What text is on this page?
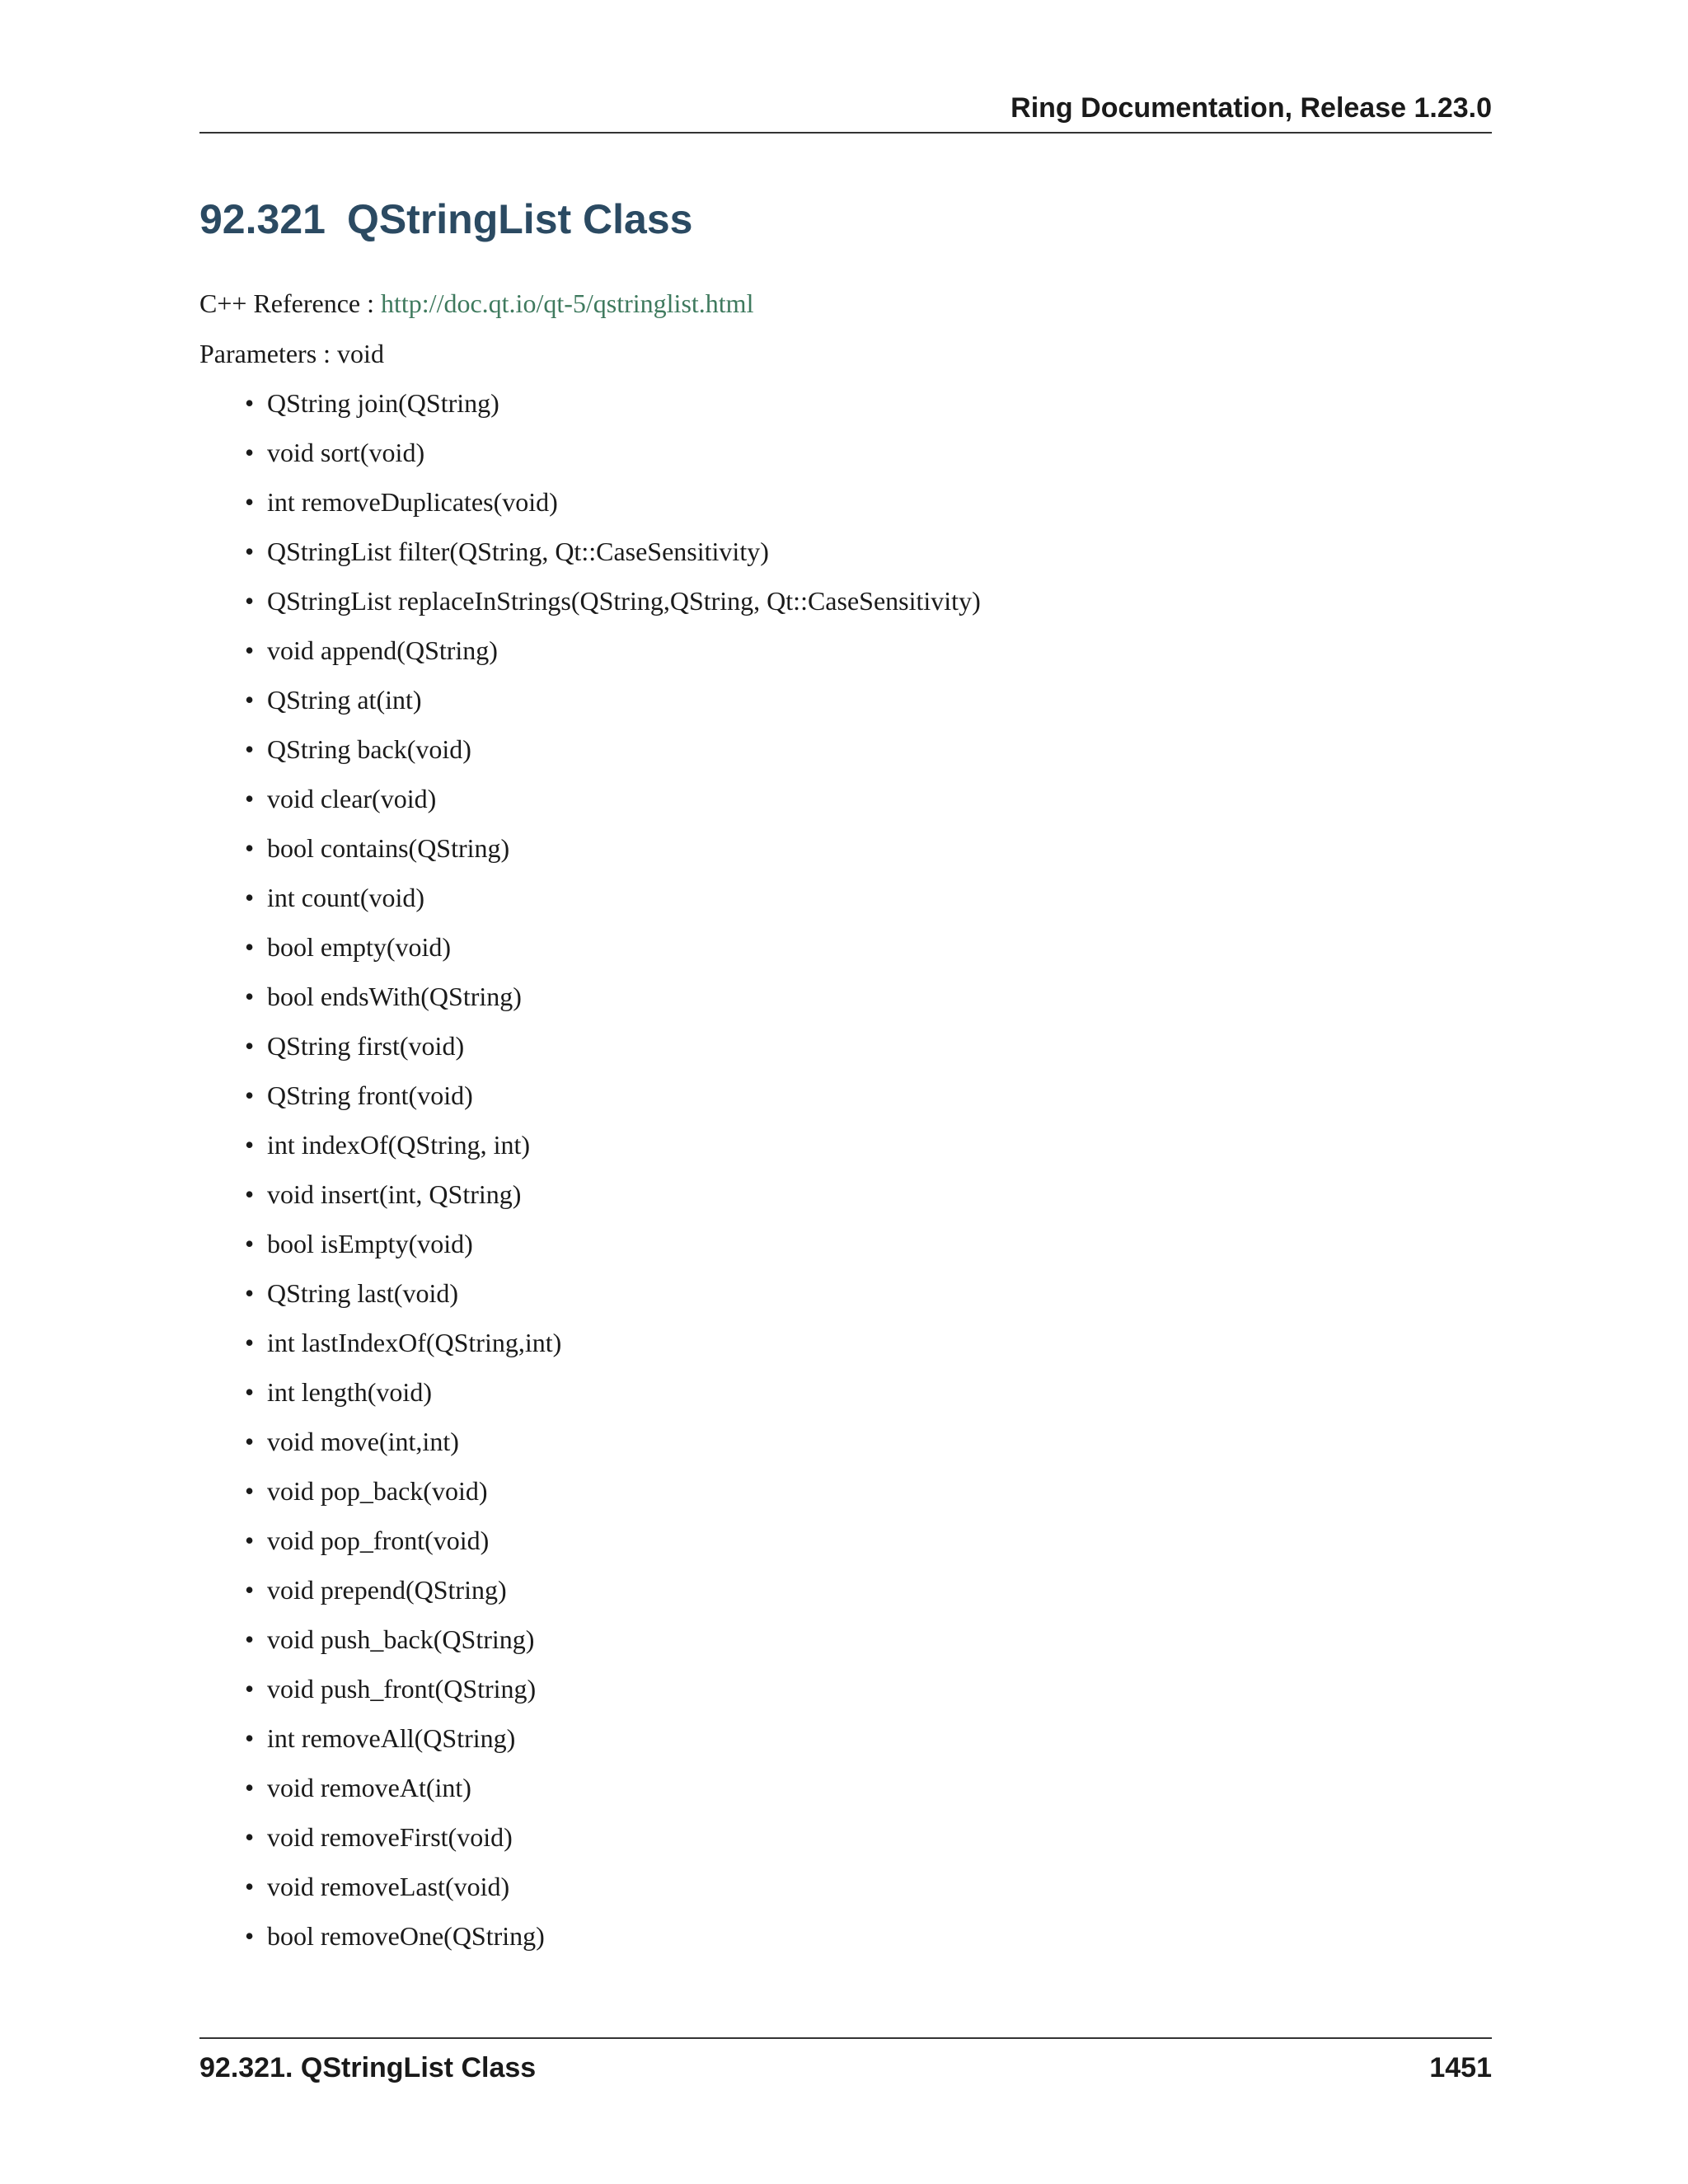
Ring Documentation, Release 1.23.0
92.321 QStringList Class
C++ Reference : http://doc.qt.io/qt-5/qstringlist.html
Parameters : void
• QString join(QString)
• void sort(void)
• int removeDuplicates(void)
• QStringList filter(QString, Qt::CaseSensitivity)
• QStringList replaceInStrings(QString,QString, Qt::CaseSensitivity)
• void append(QString)
• QString at(int)
• QString back(void)
• void clear(void)
• bool contains(QString)
• int count(void)
• bool empty(void)
• bool endsWith(QString)
• QString first(void)
• QString front(void)
• int indexOf(QString, int)
• void insert(int, QString)
• bool isEmpty(void)
• QString last(void)
• int lastIndexOf(QString,int)
• int length(void)
• void move(int,int)
• void pop_back(void)
• void pop_front(void)
• void prepend(QString)
• void push_back(QString)
• void push_front(QString)
• int removeAll(QString)
• void removeAt(int)
• void removeFirst(void)
• void removeLast(void)
• bool removeOne(QString)
92.321. QStringList Class	1451
